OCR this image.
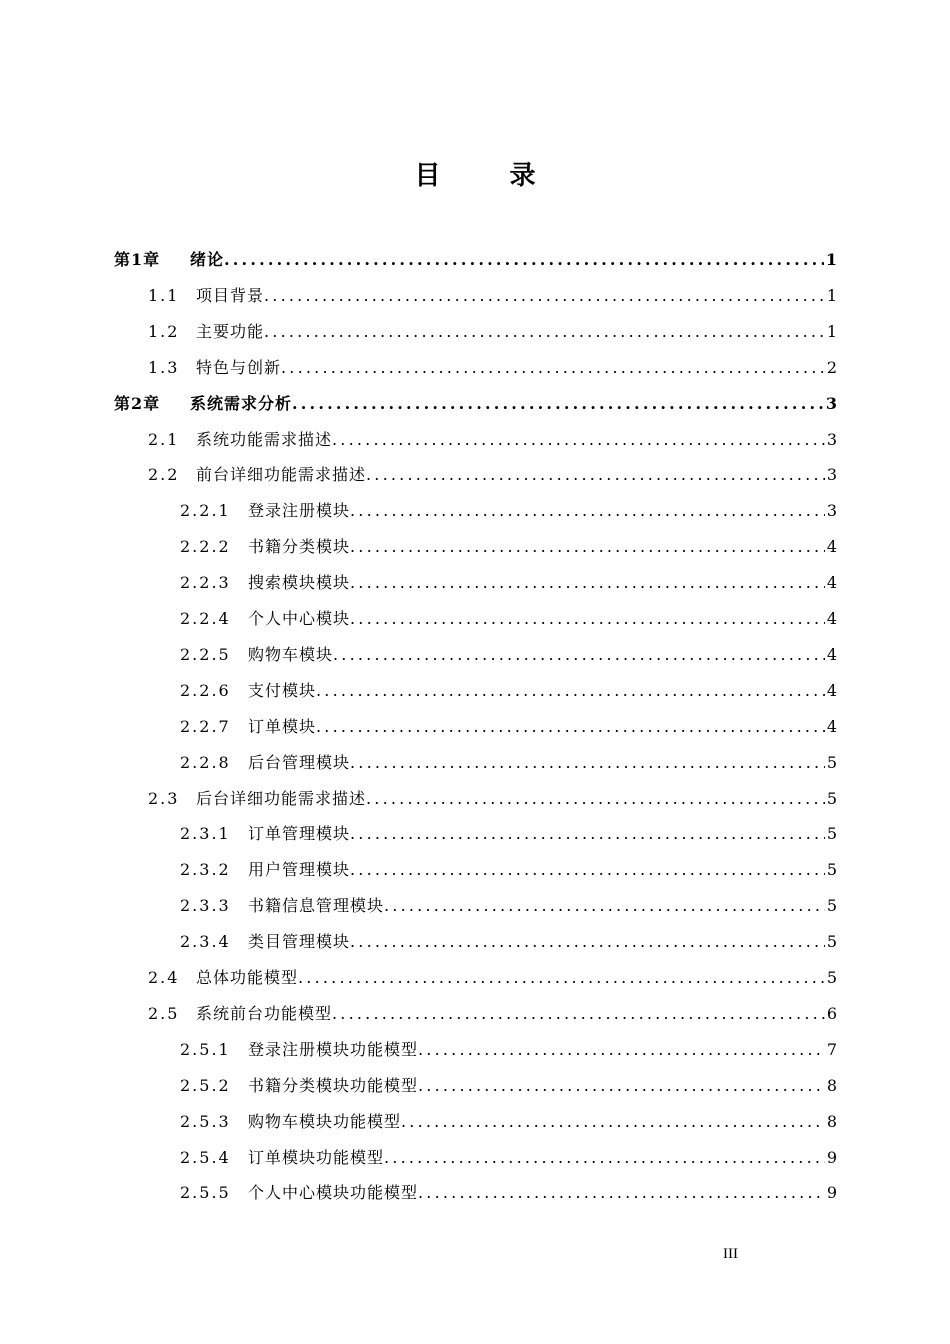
目 录
第1章	绪论 .....	1
1.1	项目背景 .....	1
1.2	主要功能 .....	1
1.3	特色与创新 .....	2
第2章	系统需求分析 .....	3
2.1	系统功能需求描述 .....	3
2.2	前台详细功能需求描述 .....	3
2.2.1	登录注册模块 .....	3
2.2.2	书籍分类模块 .....	4
2.2.3	搜索模块模块 .....	4
2.2.4	个人中心模块 .....	4
2.2.5	购物车模块 .....	4
2.2.6	支付模块 .....	4
2.2.7	订单模块 .....	4
2.2.8	后台管理模块 .....	5
2.3	后台详细功能需求描述 .....	5
2.3.1	订单管理模块 .....	5
2.3.2	用户管理模块 .....	5
2.3.3	书籍信息管理模块 .....	5
2.3.4	类目管理模块 .....	5
2.4	总体功能模型 .....	5
2.5	系统前台功能模型 .....	6
2.5.1	登录注册模块功能模型 .....	7
2.5.2	书籍分类模块功能模型 .....	8
2.5.3	购物车模块功能模型 .....	8
2.5.4	订单模块功能模型 .....	9
2.5.5	个人中心模块功能模型 .....	9
III
